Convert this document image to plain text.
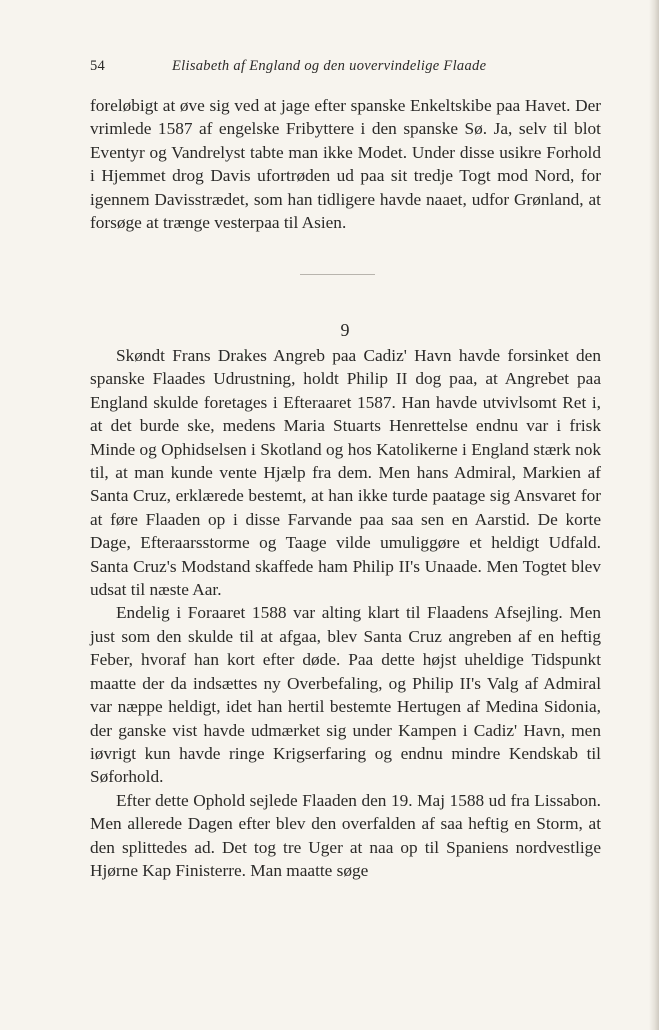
54	Elisabeth af England og den uovervindelige Flaade

foreløbigt at øve sig ved at jage efter spanske Enkeltskibe paa Havet. Der vrimlede 1587 af engelske Fribyttere i den spanske Sø. Ja, selv til blot Eventyr og Vandrelyst tabte man ikke Modet. Under disse usikre Forhold i Hjemmet drog Davis ufortrøden ud paa sit tredje Togt mod Nord, for igennem Davisstrædet, som han tidligere havde naaet, udfor Grønland, at forsøge at trænge vesterpaa til Asien.

9

Skøndt Frans Drakes Angreb paa Cadiz' Havn havde forsinket den spanske Flaades Udrustning, holdt Philip II dog paa, at Angrebet paa England skulde foretages i Efteraaret 1587. Han havde utvivlsomt Ret i, at det burde ske, medens Maria Stuarts Henrettelse endnu var i frisk Minde og Ophidselsen i Skotland og hos Katolikerne i England stærk nok til, at man kunde vente Hjælp fra dem. Men hans Admiral, Markien af Santa Cruz, erklærede bestemt, at han ikke turde paatage sig Ansvaret for at føre Flaaden op i disse Farvande paa saa sen en Aarstid. De korte Dage, Efteraarsstorme og Taage vilde umuliggøre et heldigt Udfald. Santa Cruz's Modstand skaffede ham Philip II's Unaade. Men Togtet blev udsat til næste Aar.

Endelig i Foraaret 1588 var alting klart til Flaadens Afsejling. Men just som den skulde til at afgaa, blev Santa Cruz angreben af en heftig Feber, hvoraf han kort efter døde. Paa dette højst uheldige Tidspunkt maatte der da indsættes ny Overbefaling, og Philip II's Valg af Admiral var næppe heldigt, idet han hertil bestemte Hertugen af Medina Sidonia, der ganske vist havde udmærket sig under Kampen i Cadiz' Havn, men iøvrigt kun havde ringe Krigserfaring og endnu mindre Kendskab til Søforhold.

Efter dette Ophold sejlede Flaaden den 19. Maj 1588 ud fra Lissabon. Men allerede Dagen efter blev den overfalden af saa heftig en Storm, at den splittedes ad. Det tog tre Uger at naa op til Spaniens nordvestlige Hjørne Kap Finisterre. Man maatte søge
